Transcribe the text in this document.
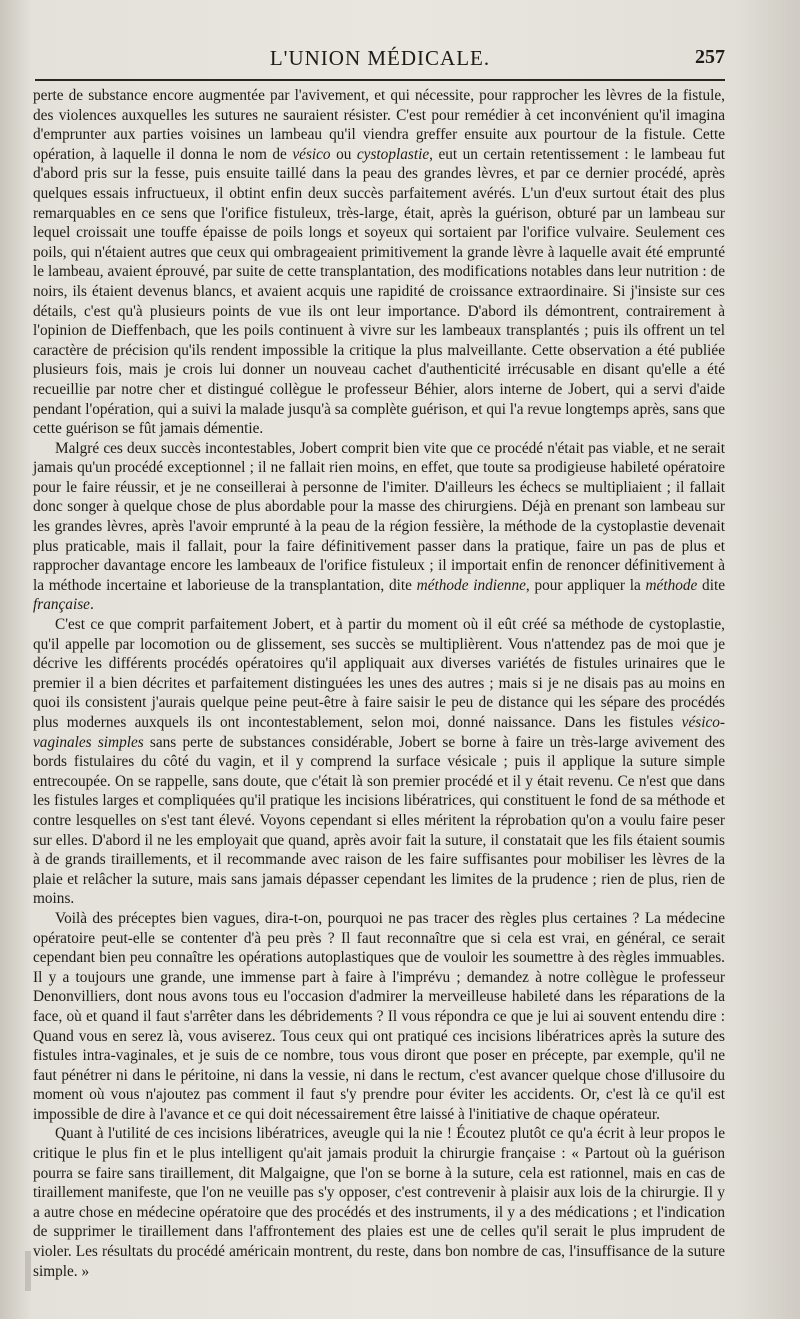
L'UNION MÉDICALE.	257

perte de substance encore augmentée par l'avivement, et qui nécessite, pour rapprocher les lèvres de la fistule, des violences auxquelles les sutures ne sauraient résister. C'est pour remédier à cet inconvénient qu'il imagina d'emprunter aux parties voisines un lambeau qu'il viendra greffer ensuite aux pourtour de la fistule. Cette opération, à laquelle il donna le nom de vésico ou cystoplastie, eut un certain retentissement : le lambeau fut d'abord pris sur la fesse, puis ensuite taillé dans la peau des grandes lèvres, et par ce dernier procédé, après quelques essais infructueux, il obtint enfin deux succès parfaitement avérés. L'un d'eux surtout était des plus remarquables en ce sens que l'orifice fistuleux, très-large, était, après la guérison, obturé par un lambeau sur lequel croissait une touffe épaisse de poils longs et soyeux qui sortaient par l'orifice vulvaire. Seulement ces poils, qui n'étaient autres que ceux qui ombrageaient primitivement la grande lèvre à laquelle avait été emprunté le lambeau, avaient éprouvé, par suite de cette transplantation, des modifications notables dans leur nutrition : de noirs, ils étaient devenus blancs, et avaient acquis une rapidité de croissance extraordinaire. Si j'insiste sur ces détails, c'est qu'à plusieurs points de vue ils ont leur importance. D'abord ils démontrent, contrairement à l'opinion de Dieffenbach, que les poils continuent à vivre sur les lambeaux transplantés ; puis ils offrent un tel caractère de précision qu'ils rendent impossible la critique la plus malveillante. Cette observation a été publiée plusieurs fois, mais je crois lui donner un nouveau cachet d'authenticité irrécusable en disant qu'elle a été recueillie par notre cher et distingué collègue le professeur Béhier, alors interne de Jobert, qui a servi d'aide pendant l'opération, qui a suivi la malade jusqu'à sa complète guérison, et qui l'a revue longtemps après, sans que cette guérison se fût jamais démentie.

Malgré ces deux succès incontestables, Jobert comprit bien vite que ce procédé n'était pas viable, et ne serait jamais qu'un procédé exceptionnel ; il ne fallait rien moins, en effet, que toute sa prodigieuse habileté opératoire pour le faire réussir, et je ne conseillerai à personne de l'imiter. D'ailleurs les échecs se multipliaient ; il fallait donc songer à quelque chose de plus abordable pour la masse des chirurgiens. Déjà en prenant son lambeau sur les grandes lèvres, après l'avoir emprunté à la peau de la région fessière, la méthode de la cystoplastie devenait plus praticable, mais il fallait, pour la faire définitivement passer dans la pratique, faire un pas de plus et rapprocher davantage encore les lambeaux de l'orifice fistuleux ; il importait enfin de renoncer définitivement à la méthode incertaine et laborieuse de la transplantation, dite méthode indienne, pour appliquer la méthode dite française.

C'est ce que comprit parfaitement Jobert, et à partir du moment où il eût créé sa méthode de cystoplastie, qu'il appelle par locomotion ou de glissement, ses succès se multiplièrent. Vous n'attendez pas de moi que je décrive les différents procédés opératoires qu'il appliquait aux diverses variétés de fistules urinaires que le premier il a bien décrites et parfaitement distinguées les unes des autres ; mais si je ne disais pas au moins en quoi ils consistent j'aurais quelque peine peut-être à faire saisir le peu de distance qui les sépare des procédés plus modernes auxquels ils ont incontestablement, selon moi, donné naissance. Dans les fistules vésico-vaginales simples sans perte de substances considérable, Jobert se borne à faire un très-large avivement des bords fistulaires du côté du vagin, et il y comprend la surface vésicale ; puis il applique la suture simple entrecoupée. On se rappelle, sans doute, que c'était là son premier procédé et il y était revenu. Ce n'est que dans les fistules larges et compliquées qu'il pratique les incisions libératrices, qui constituent le fond de sa méthode et contre lesquelles on s'est tant élevé. Voyons cependant si elles méritent la réprobation qu'on a voulu faire peser sur elles. D'abord il ne les employait que quand, après avoir fait la suture, il constatait que les fils étaient soumis à de grands tiraillements, et il recommande avec raison de les faire suffisantes pour mobiliser les lèvres de la plaie et relâcher la suture, mais sans jamais dépasser cependant les limites de la prudence ; rien de plus, rien de moins.

Voilà des préceptes bien vagues, dira-t-on, pourquoi ne pas tracer des règles plus certaines ? La médecine opératoire peut-elle se contenter d'à peu près ? Il faut reconnaître que si cela est vrai, en général, ce serait cependant bien peu connaître les opérations autoplastiques que de vouloir les soumettre à des règles immuables. Il y a toujours une grande, une immense part à faire à l'imprévu ; demandez à notre collègue le professeur Denonvilliers, dont nous avons tous eu l'occasion d'admirer la merveilleuse habileté dans les réparations de la face, où et quand il faut s'arrêter dans les débridements ? Il vous répondra ce que je lui ai souvent entendu dire : Quand vous en serez là, vous aviserez. Tous ceux qui ont pratiqué ces incisions libératrices après la suture des fistules intra-vaginales, et je suis de ce nombre, tous vous diront que poser en précepte, par exemple, qu'il ne faut pénétrer ni dans le péritoine, ni dans la vessie, ni dans le rectum, c'est avancer quelque chose d'illusoire du moment où vous n'ajoutez pas comment il faut s'y prendre pour éviter les accidents. Or, c'est là ce qu'il est impossible de dire à l'avance et ce qui doit nécessairement être laissé à l'initiative de chaque opérateur.

Quant à l'utilité de ces incisions libératrices, aveugle qui la nie ! Écoutez plutôt ce qu'a écrit à leur propos le critique le plus fin et le plus intelligent qu'ait jamais produit la chirurgie française : « Partout où la guérison pourra se faire sans tiraillement, dit Malgaigne, que l'on se borne à la suture, cela est rationnel, mais en cas de tiraillement manifeste, que l'on ne veuille pas s'y opposer, c'est contrevenir à plaisir aux lois de la chirurgie. Il y a autre chose en médecine opératoire que des procédés et des instruments, il y a des médications ; et l'indication de supprimer le tiraillement dans l'affrontement des plaies est une de celles qu'il serait le plus imprudent de violer. Les résultats du procédé américain montrent, du reste, dans bon nombre de cas, l'insuffisance de la suture simple. »
